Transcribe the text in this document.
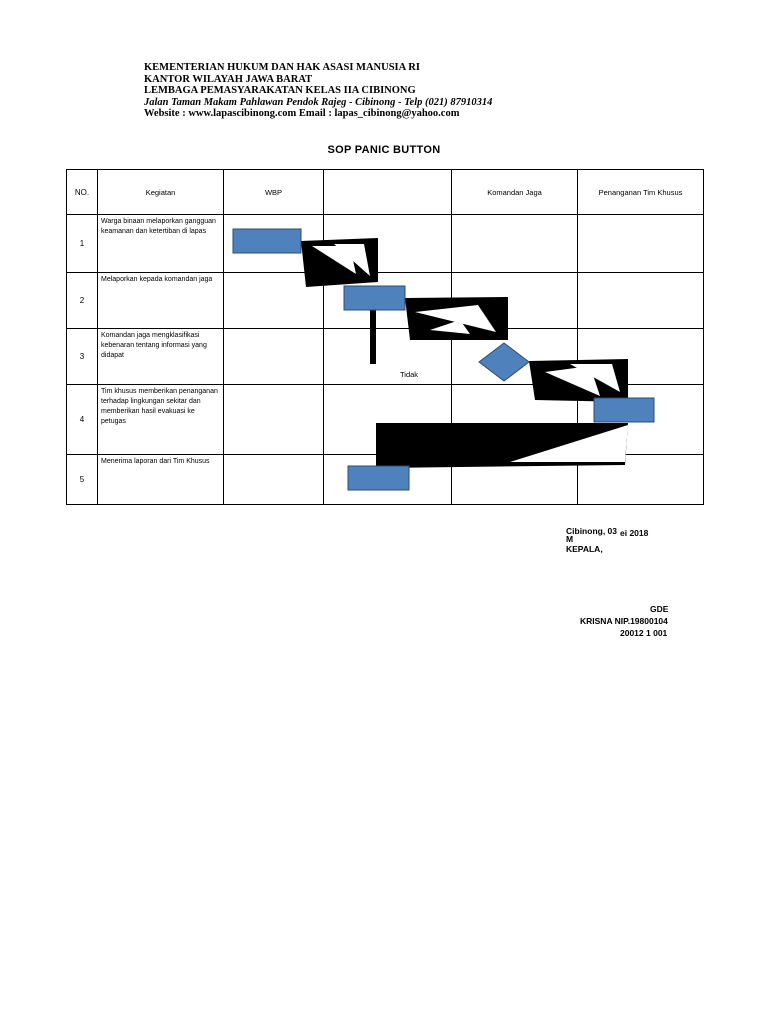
KEMENTERIAN HUKUM DAN HAK ASASI MANUSIA RI
KANTOR WILAYAH JAWA BARAT
LEMBAGA PEMASYARAKATAN KELAS IIA CIBINONG
Jalan Taman Makam Pahlawan Pendok Rajeg - Cibinong - Telp (021) 87910314
Website : www.lapascibinong.com Email : lapas_cibinong@yahoo.com
SOP PANIC BUTTON
NO.	Kegiatan	WBP		Komandan Jaga	Penanganan Tim Khusus
1	Warga binaan melaporkan gangguan keamanan dan ketertiban di lapas				
2	Melaporkan kepada komandan jaga				
3	Komandan jaga mengklasifikasi kebenaran tentang informasi yang didapat				
4	Tim khusus memberikan penanganan terhadap lingkungan sekitar dan memberikan hasil evakuasi ke petugas				
5	Menerima laporan dari Tim Khusus				
Tidak
Cibinong, 03
M
ei 2018
KEPALA,
GDE
KRISNA NIP.19800104
20012 1 001
